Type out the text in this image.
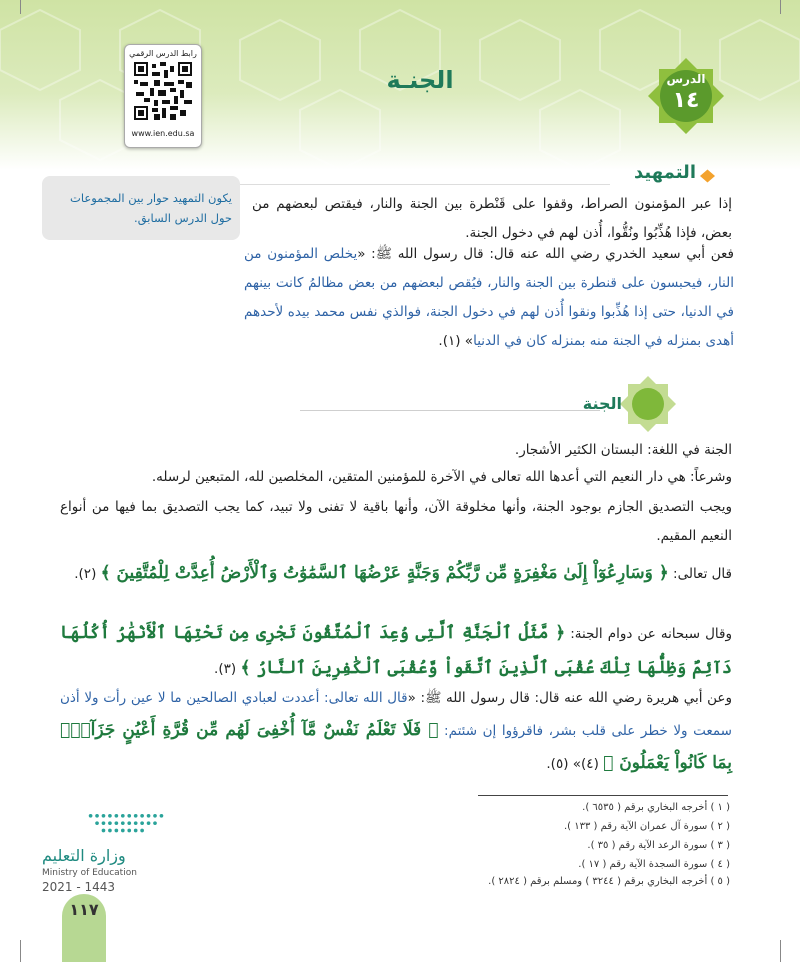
رابط الدرس الرقمي
www.ien.edu.sa
الجنـة	الدرس
١٤
التمهيد
يكون التمهيد حوار بين المجموعات حول الدرس السابق.
إذا عبر المؤمنون الصراط، وقفوا على قَنْطرة بين الجنة والنار، فيقتص لبعضهم من بعض، فإذا هُذِّبُوا ونُقُّوا، أُذن لهم في دخول الجنة.
فعن أبي سعيد الخدري رضي الله عنه قال: قال رسول الله ﷺ: «يخلص المؤمنون من النار، فيحبسون على قنطرة بين الجنة والنار، فيُقص لبعضهم من بعض مظالمُ كانت بينهم في الدنيا، حتى إذا هُذِّبوا ونقوا أُذن لهم في دخول الجنة، فوالذي نفس محمد بيده لأحدهم أهدى بمنزله في الجنة منه بمنزله كان في الدنيا» (١).
الجنة
الجنة في اللغة: البستان الكثير الأشجار.
وشرعاً: هي دار النعيم التي أعدها الله تعالى في الآخرة للمؤمنين المتقين، المخلصين لله، المتبعين لرسله.
ويجب التصديق الجازم بوجود الجنة، وأنها مخلوقة الآن، وأنها باقية لا تفنى ولا تبيد، كما يجب التصديق بما فيها من أنواع النعيم المقيم.
قال تعالى: ﴿ وَسَارِعُوٓاْ إِلَىٰ مَغْفِرَةٍ مِّن رَّبِّكُمْ وَجَنَّةٍ عَرْضُهَا ٱلسَّمَٰوَٰتُ وَٱلْأَرْضُ أُعِدَّتْ لِلْمُتَّقِينَ ﴾ (٢).
وقال سبحانه عن دوام الجنة: ﴿ مَّثَلُ ٱلْجَنَّةِ ٱلَّتِى وُعِدَ ٱلْمُتَّقُونَ تَجْرِى مِن تَحْتِهَا ٱلْأَنْهَٰرُ أُكُلُهَا دَآئِمٌ وَظِلُّهَا تِلْكَ عُقْبَى ٱلَّذِينَ ٱتَّقَواْ وَّعُقْبَى ٱلْكَٰفِرِينَ ٱلنَّارُ ﴾ (٣).
وعن أبي هريرة رضي الله عنه قال: قال رسول الله ﷺ: «قال الله تعالى: أعددت لعبادي الصالحين ما لا عين رأت ولا أذن سمعت ولا خطر على قلب بشر، فاقرؤوا إن شئتم: ﴿ فَلَا تَعْلَمُ نَفْسٌ مَّآ أُخْفِىَ لَهُم مِّن قُرَّةِ أَعْيُنٍ جَزَآءًۢ بِمَا كَانُواْ يَعْمَلُونَ ﴾ (٤)» (٥).
( ١ ) أخرجه البخاري برقم ( ٦٥٣٥ ).
( ٢ ) سورة آل عمران الآية رقم ( ١٣٣ ).
( ٣ ) سورة الرعد الآية رقم ( ٣٥ ).
( ٤ ) سورة السجدة الآية رقم ( ١٧ ).
( ٥ ) أخرجه البخاري برقم ( ٣٢٤٤ ) ومسلم برقم ( ٢٨٢٤ ).
وزارة التعليم
Ministry of Education
2021 - 1443
١١٧
